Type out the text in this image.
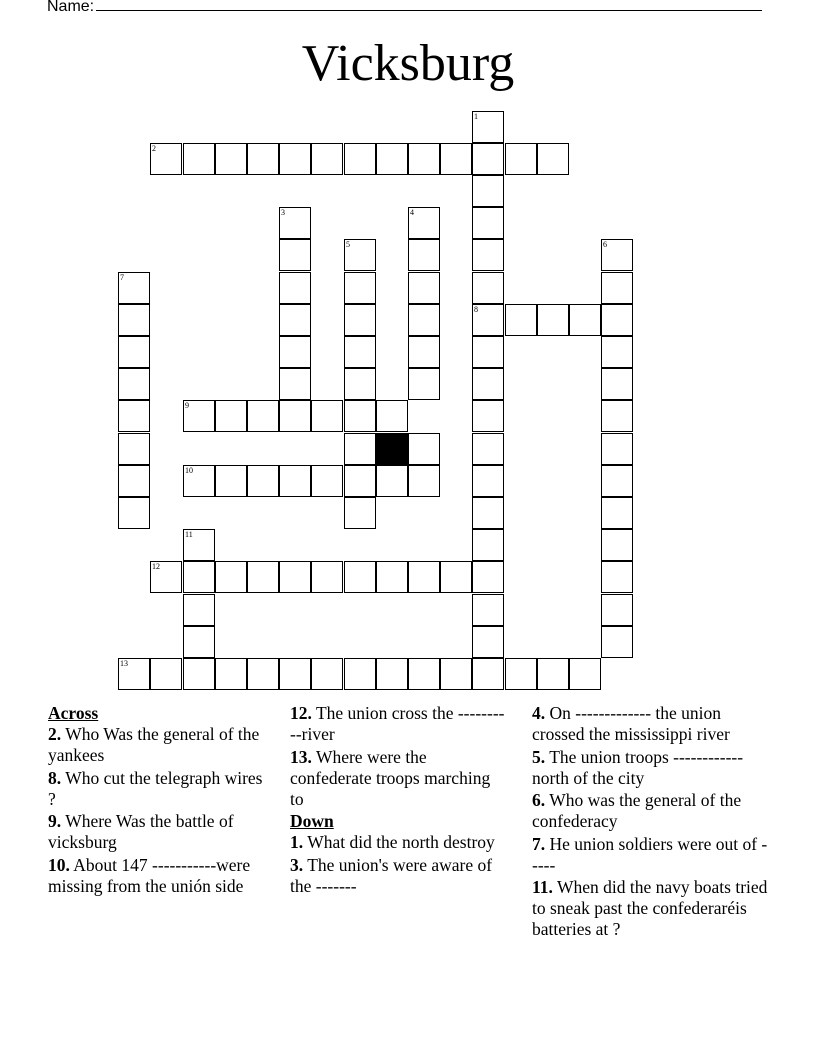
Name:
Vicksburg
1
2
3	4
5	6
7
8
9
10
11
12
13
Across
2. Who Was the general of the yankees
8. Who cut the telegraph wires ?
9. Where Was the battle of vicksburg
10. About 147 -----------were missing from the unión side
12. The union cross the ----------river
13. Where were the confederate troops marching to
Down
1. What did the north destroy
3. The union's were aware of the -------
4. On ------------- the union crossed the mississippi river
5. The union troops ------------north of the city
6. Who was the general of the confederacy
7. He union soldiers were out of -----
11. When did the navy boats tried to sneak past the confederaréis batteries at ?
